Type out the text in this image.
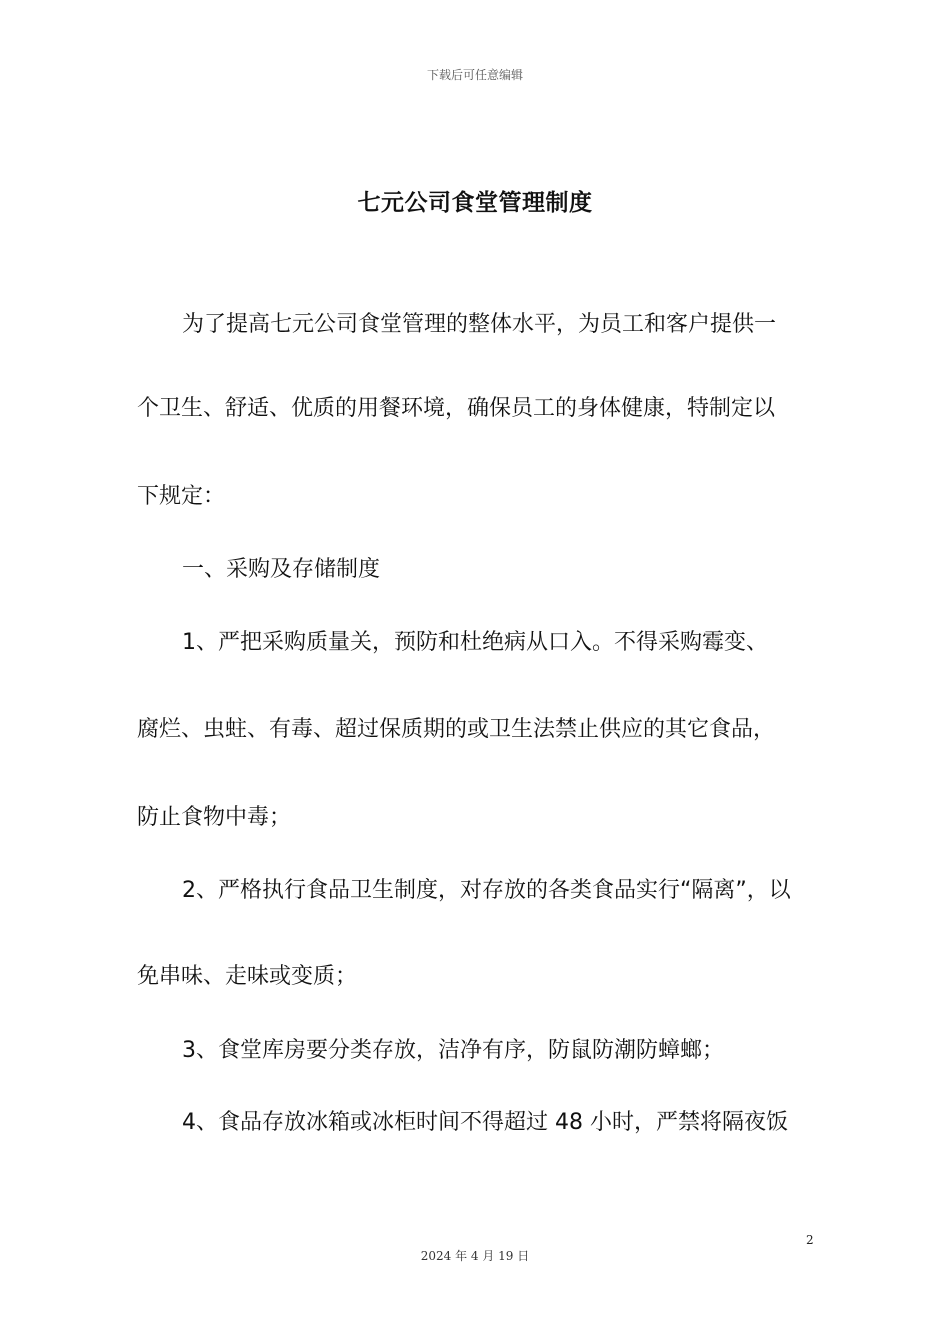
下载后可任意编辑
七元公司食堂管理制度
为了提高七元公司食堂管理的整体水平，为员工和客户提供一
个卫生、舒适、优质的用餐环境，确保员工的身体健康，特制定以
下规定：
一、采购及存储制度
1、严把采购质量关，预防和杜绝病从口入。不得采购霉变、
腐烂、虫蛀、有毒、超过保质期的或卫生法禁止供应的其它食品，
防止食物中毒；
2、严格执行食品卫生制度，对存放的各类食品实行“隔离”，以
免串味、走味或变质；
3、食堂库房要分类存放，洁净有序，防鼠防潮防蟑螂；
4、食品存放冰箱或冰柜时间不得超过 48 小时，严禁将隔夜饭
2
2024 年 4 月 19 日
